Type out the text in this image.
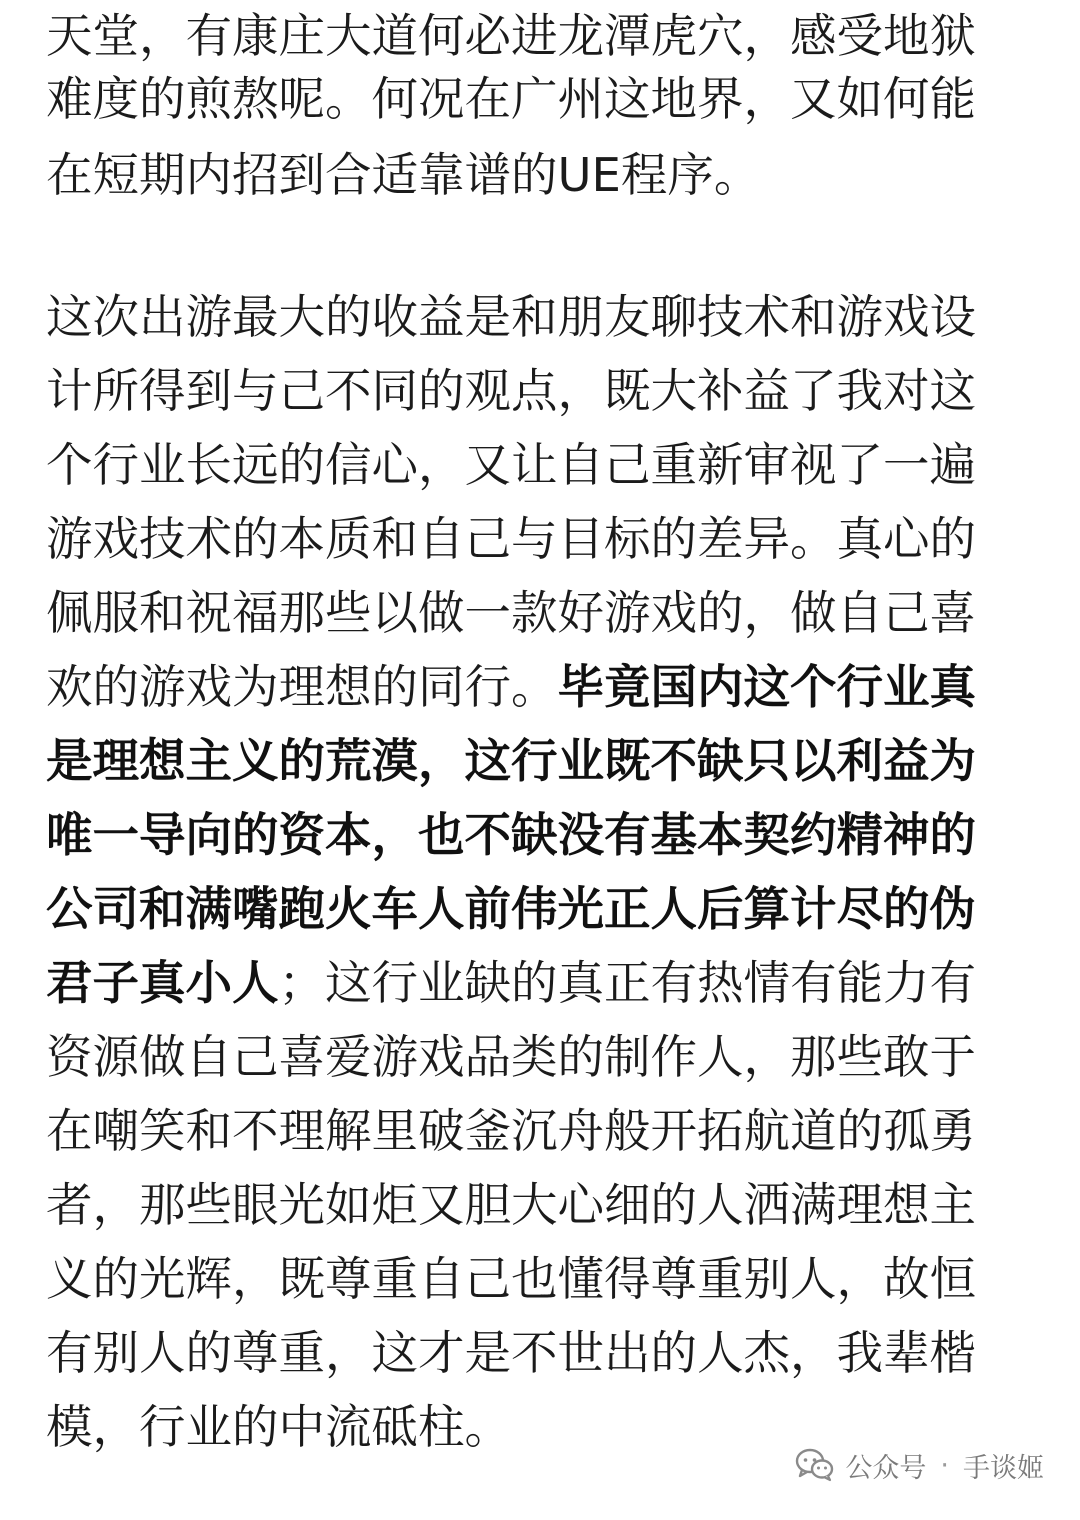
天堂，有康庄大道何必进龙潭虎穴，感受地狱
难度的煎熬呢。何况在广州这地界，又如何能
在短期内招到合适靠谱的UE程序。
这次出游最大的收益是和朋友聊技术和游戏设
计所得到与己不同的观点，既大补益了我对这
个行业长远的信心，又让自己重新审视了一遍
游戏技术的本质和自己与目标的差异。真心的
佩服和祝福那些以做一款好游戏的，做自己喜
欢的游戏为理想的同行。毕竟国内这个行业真
是理想主义的荒漠，这行业既不缺只以利益为
唯一导向的资本，也不缺没有基本契约精神的
公司和满嘴跑火车人前伟光正人后算计尽的伪
君子真小人；这行业缺的真正有热情有能力有
资源做自己喜爱游戏品类的制作人，那些敢于
在嘲笑和不理解里破釜沉舟般开拓航道的孤勇
者，那些眼光如炬又胆大心细的人洒满理想主
义的光辉，既尊重自己也懂得尊重别人，故恒
有别人的尊重，这才是不世出的人杰，我辈楷
模，行业的中流砥柱。
公众号 · 手谈姬
